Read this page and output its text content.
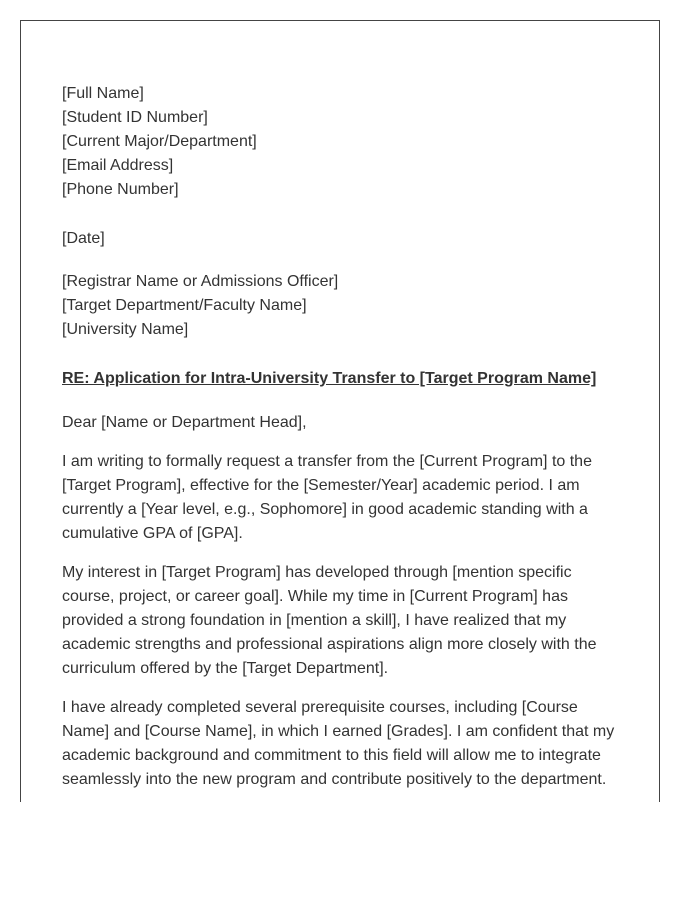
[Full Name]
[Student ID Number]
[Current Major/Department]
[Email Address]
[Phone Number]
[Date]
[Registrar Name or Admissions Officer]
[Target Department/Faculty Name]
[University Name]

RE: Application for Intra-University Transfer to [Target Program Name]

Dear [Name or Department Head],

I am writing to formally request a transfer from the [Current Program] to the
[Target Program], effective for the [Semester/Year] academic period. I am
currently a [Year level, e.g., Sophomore] in good academic standing with a
cumulative GPA of [GPA].

My interest in [Target Program] has developed through [mention specific
course, project, or career goal]. While my time in [Current Program] has
provided a strong foundation in [mention a skill], I have realized that my
academic strengths and professional aspirations align more closely with the
curriculum offered by the [Target Department].

I have already completed several prerequisite courses, including [Course
Name] and [Course Name], in which I earned [Grades]. I am confident that my
academic background and commitment to this field will allow me to integrate
seamlessly into the new program and contribute positively to the department.
